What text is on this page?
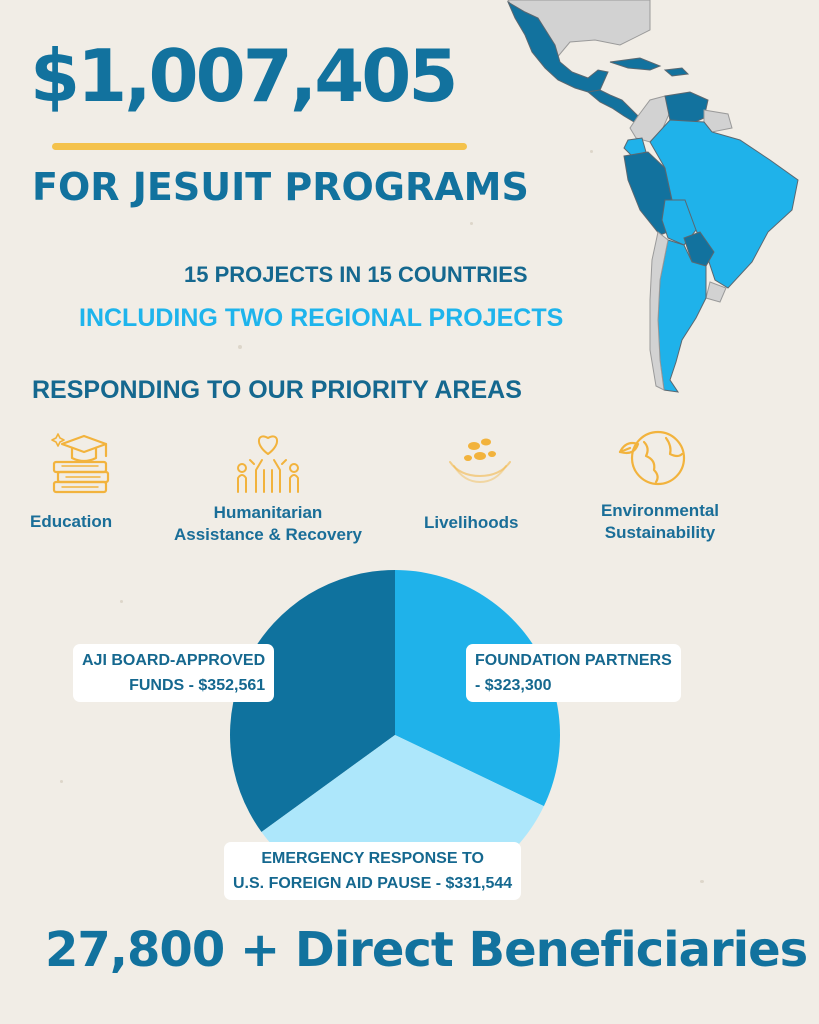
$1,007,405
FOR JESUIT PROGRAMS
15 PROJECTS IN 15 COUNTRIES
INCLUDING TWO REGIONAL PROJECTS
RESPONDING TO OUR PRIORITY AREAS
Education	Humanitarian
Assistance & Recovery
Livelihoods
Environmental
Sustainability
AJI BOARD-APPROVED
FUNDS - $352,561
FOUNDATION PARTNERS
- $323,300
EMERGENCY RESPONSE TO
U.S. FOREIGN AID PAUSE - $331,544
27,800 + Direct Beneficiaries
